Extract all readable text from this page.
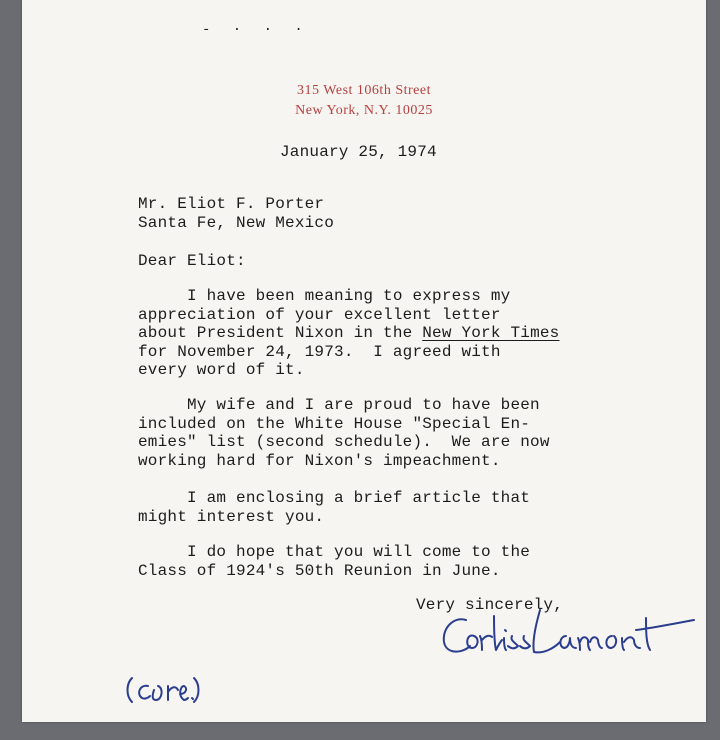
- · · ·
315 West 106th Street
New York, N.Y. 10025
January 25, 1974
Mr. Eliot F. Porter
Santa Fe, New Mexico
Dear Eliot:
I have been meaning to express my
appreciation of your excellent letter
about President Nixon in the New York Times
for November 24, 1973.  I agreed with
every word of it.
My wife and I are proud to have been
included on the White House "Special En-
emies" list (second schedule).  We are now
working hard for Nixon's impeachment.
I am enclosing a brief article that
might interest you.
I do hope that you will come to the
Class of 1924's 50th Reunion in June.
Very sincerely,
